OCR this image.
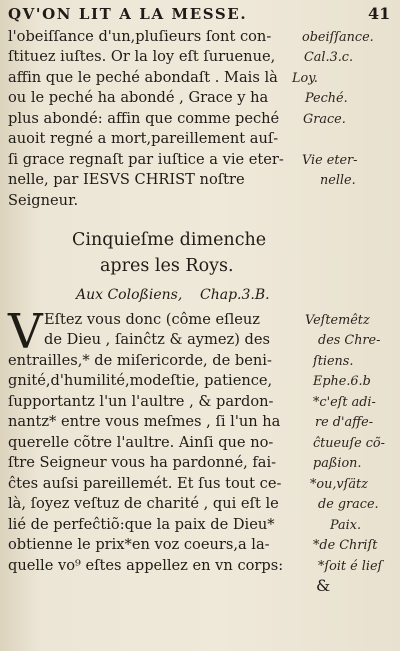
QV'ON LIT A LA MESSE.	41
l'obeiſſance d'un,pluſieurs ſont con- obeiſſance.
ſtituez iuſtes. Or la loy eſt ſuruenue, Cal.3.c.
affin que le peché abondaſt . Mais là Loy.
ou le peché ha abondé , Grace y ha	Peché.
plus abondé: affin que comme peché Grace.
auoit regné a mort,pareillement auſ-
ſi grace regnaſt par iuſtice a vie eter- Vie eter-
nelle, par IESVS CHRIST noſtre	nelle.
Seigneur.
Cinquieſme dimenche
apres les Roys.
Aux Coloßiens, Chap.3.B.
V Eſtez vous donc (côme eſleuz	Veſtemêtz
de Dieu , ſainĉtz & aymez) des	des Chre-
entrailles,* de miſericorde, de beni-	ſtiens.
gnité,d'humilité,modeſtie, patience,	Ephe.6.b
ſupportantz l'un l'aultre , & pardon-	*c'eſt adi-
nantz* entre vous meſmes , ſi l'un ha	re d'affe-
querelle cõtre l'aultre. Ainſi que no-	ĉtueuſe cõ-
ſtre Seigneur vous ha pardonné, fai-	paßion.
ĉtes auſsi pareillemét. Et ſus tout ce- *ou,vſätz
là, ſoyez veſtuz de charité , qui eſt le	de grace.
lié de perfeĉtiõ:que la paix de Dieu*	Paix.
obtienne le prix*en voz coeurs,a la-	*de Chriſt
quelle vo⁹ eſtes appellez en vn corps:	*ſoit é lieſ
&
